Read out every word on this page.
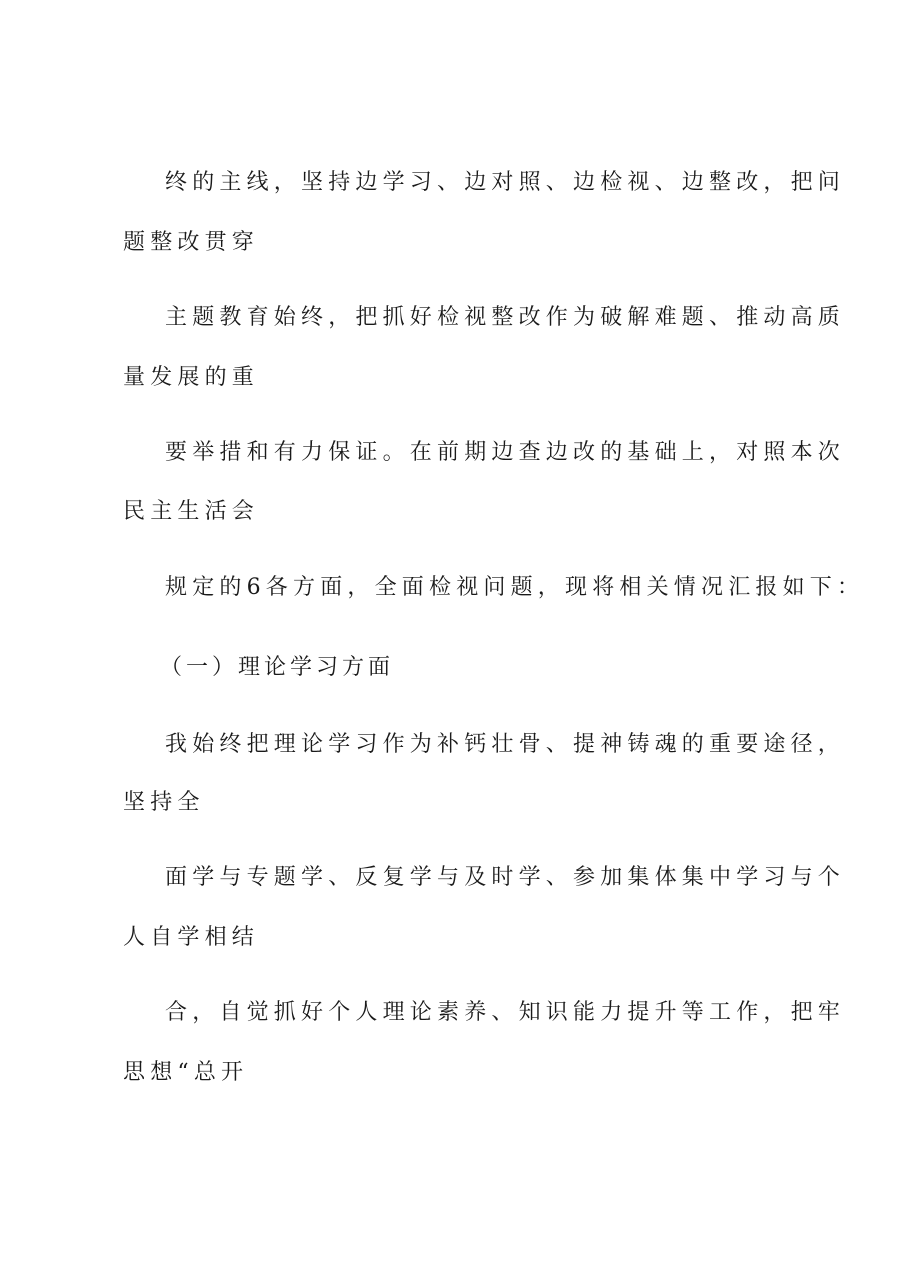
终的主线，坚持边学习、边对照、边检视、边整改，把问
题整改贯穿
主题教育始终，把抓好检视整改作为破解难题、推动高质
量发展的重
要举措和有力保证。在前期边查边改的基础上，对照本次
民主生活会
规定的6各方面，全面检视问题，现将相关情况汇报如下：
（一）理论学习方面
我始终把理论学习作为补钙壮骨、提神铸魂的重要途径，
坚持全
面学与专题学、反复学与及时学、参加集体集中学习与个
人自学相结
合，自觉抓好个人理论素养、知识能力提升等工作，把牢
思想“总开
